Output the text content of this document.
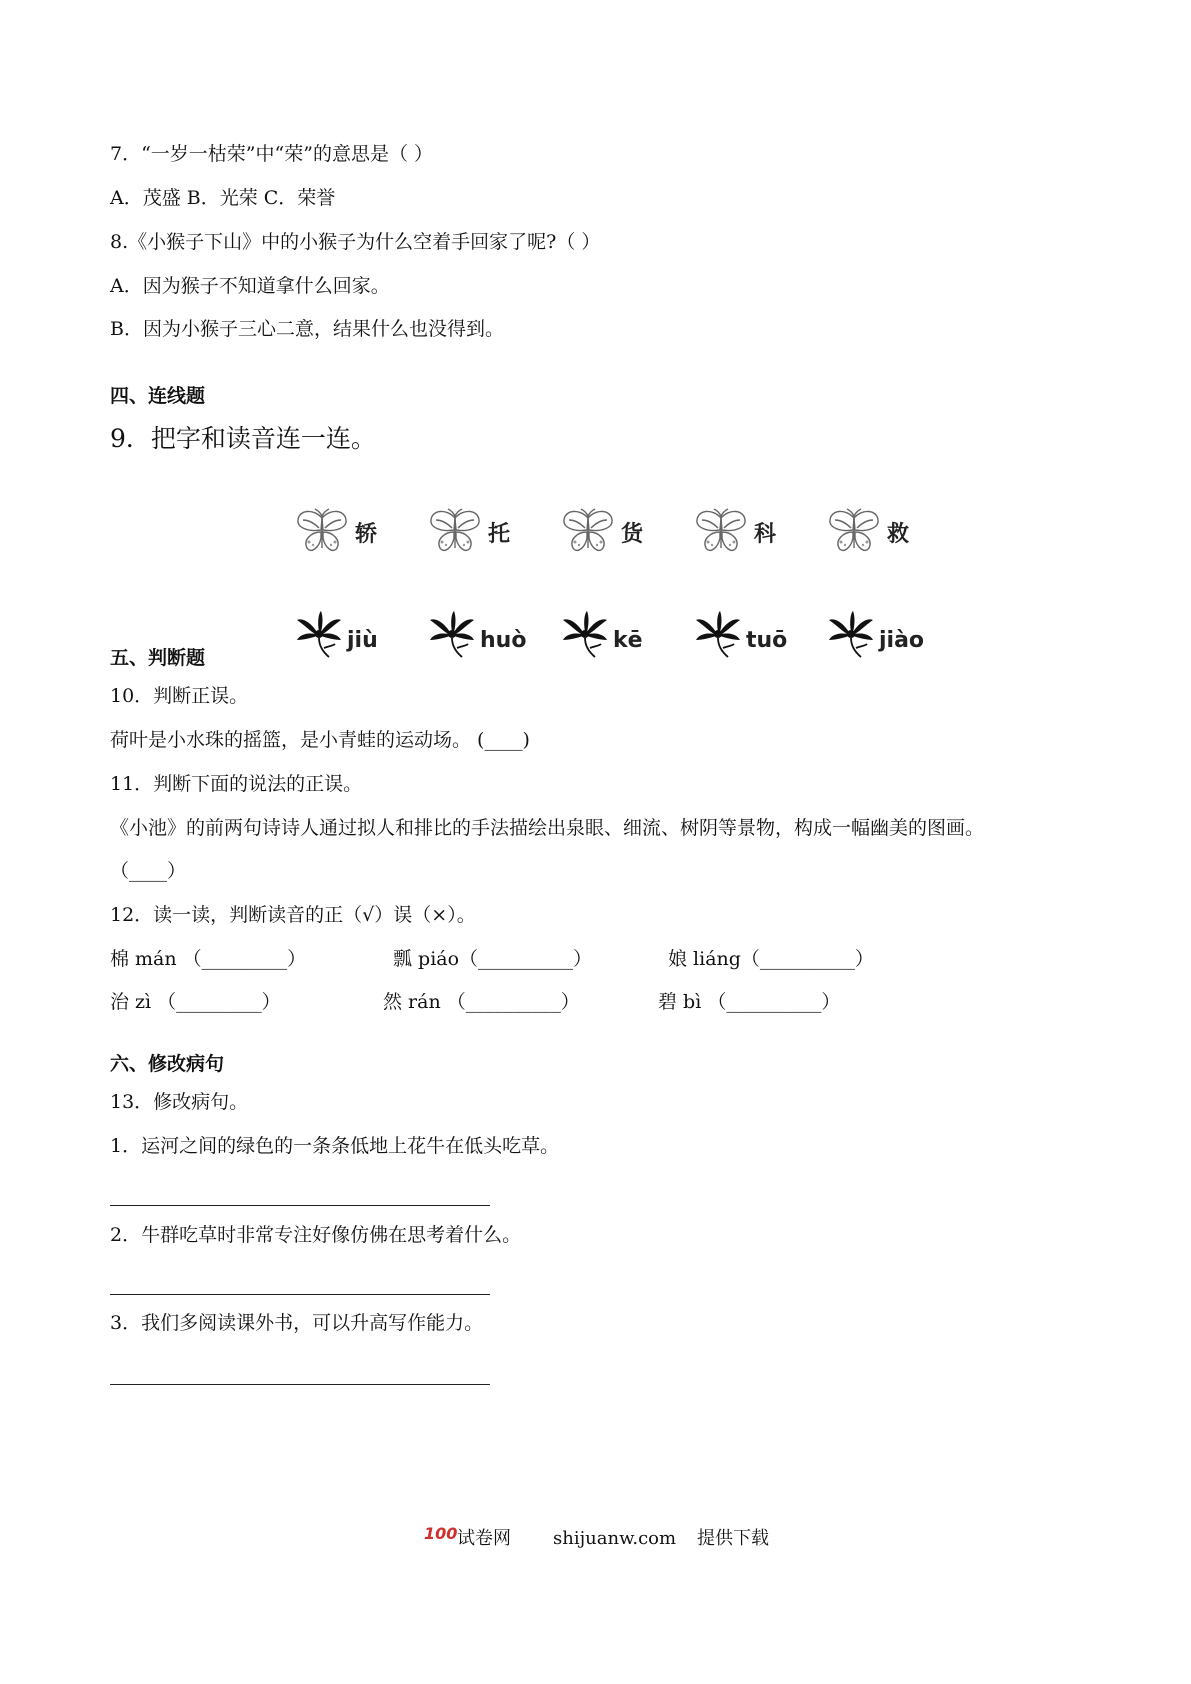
7．“一岁一枯荣”中“荣”的意思是（ ）
A．茂盛 B．光荣 C．荣誉
8.《小猴子下山》中的小猴子为什么空着手回家了呢?（ ）
A．因为猴子不知道拿什么回家。
B．因为小猴子三心二意，结果什么也没得到。
四、连线题
9．把字和读音连一连。
轿	托	货	科	救
jiù	huò	kē	tuō	jiào
五、判断题
10．判断正误。
荷叶是小水珠的摇篮，是小青蛙的运动场。 (____)
11．判断下面的说法的正误。
《小池》的前两句诗诗人通过拟人和排比的手法描绘出泉眼、细流、树阴等景物，构成一幅幽美的图画。
（____）
12．读一读，判断读音的正（√）误（×）。
棉 mán （_________）	瓢 piáo（__________）	娘 liáng（__________）
治 zì （_________）	然 rán （__________）	碧 bì （__________）
六、修改病句
13．修改病句。
1．运河之间的绿色的一条条低地上花牛在低头吃草。
2．牛群吃草时非常专注好像仿佛在思考着什么。
3．我们多阅读课外书，可以升高写作能力。
100 试卷网 shijuanw.com 提供下载
